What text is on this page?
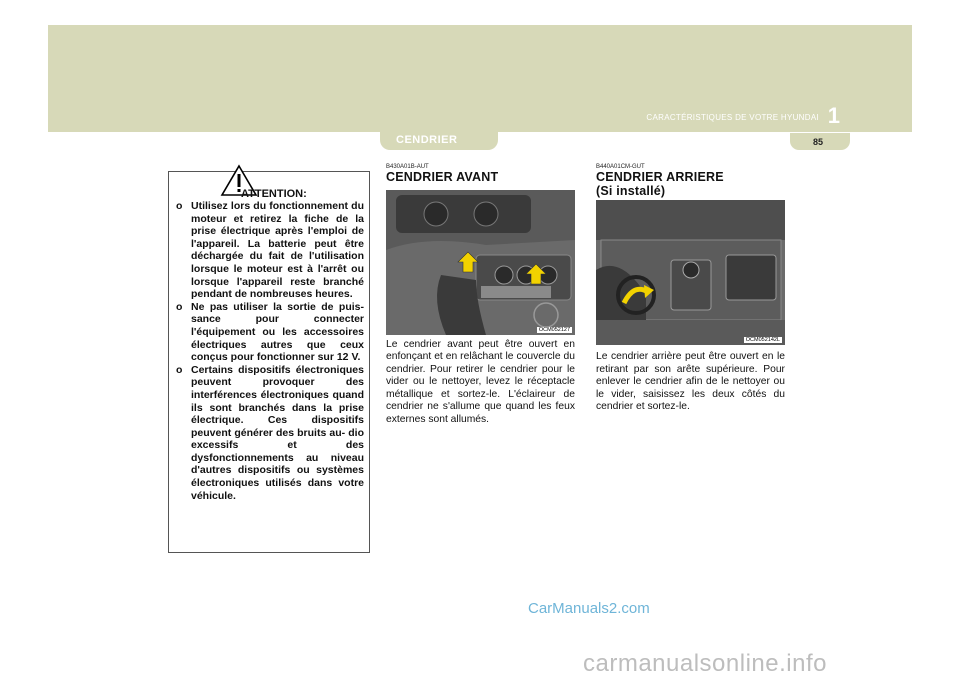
CARACTÉRISTIQUES DE VOTRE HYUNDAI 1
85
CENDRIER
ATTENTION:
o Utilisez lors du fonctionnement du moteur et retirez la fiche de la prise électrique après l'emploi de l'appareil. La batterie peut être déchargée du fait de l'utilisation lorsque le moteur est à l'arrêt ou lorsque l'appareil reste branché pendant de nombreuses heures.
o Ne pas utiliser la sortie de puis- sance pour connecter l'équipement ou les accessoires électriques autres que ceux conçus pour fonctionner sur 12 V.
o Certains dispositifs électroniques peuvent provoquer des interférences électroniques quand ils sont branchés dans la prise électrique. Ces dispositifs peuvent générer des bruits au- dio excessifs et des dysfonctionnements au niveau d'autres dispositifs ou systèmes électroniques utilisés dans votre véhicule.
B430A01B-AUT
CENDRIER AVANT
OCM052127
Le cendrier avant peut être ouvert en enfonçant et en relâchant le couvercle du cendrier. Pour retirer le cendrier pour le vider ou le nettoyer, levez le réceptacle métallique et sortez-le. L'éclaireur de cendrier ne s'allume que quand les feux externes sont allumés.
B440A01CM-GUT
CENDRIER ARRIERE
(Si installé)
OCM052142L
Le cendrier arrière peut être ouvert en le retirant par son arête supérieure. Pour enlever le cendrier afin de le nettoyer ou le vider, saisissez les deux côtés du cendrier et sortez-le.
CarManuals2.com
carmanualsonline.info
